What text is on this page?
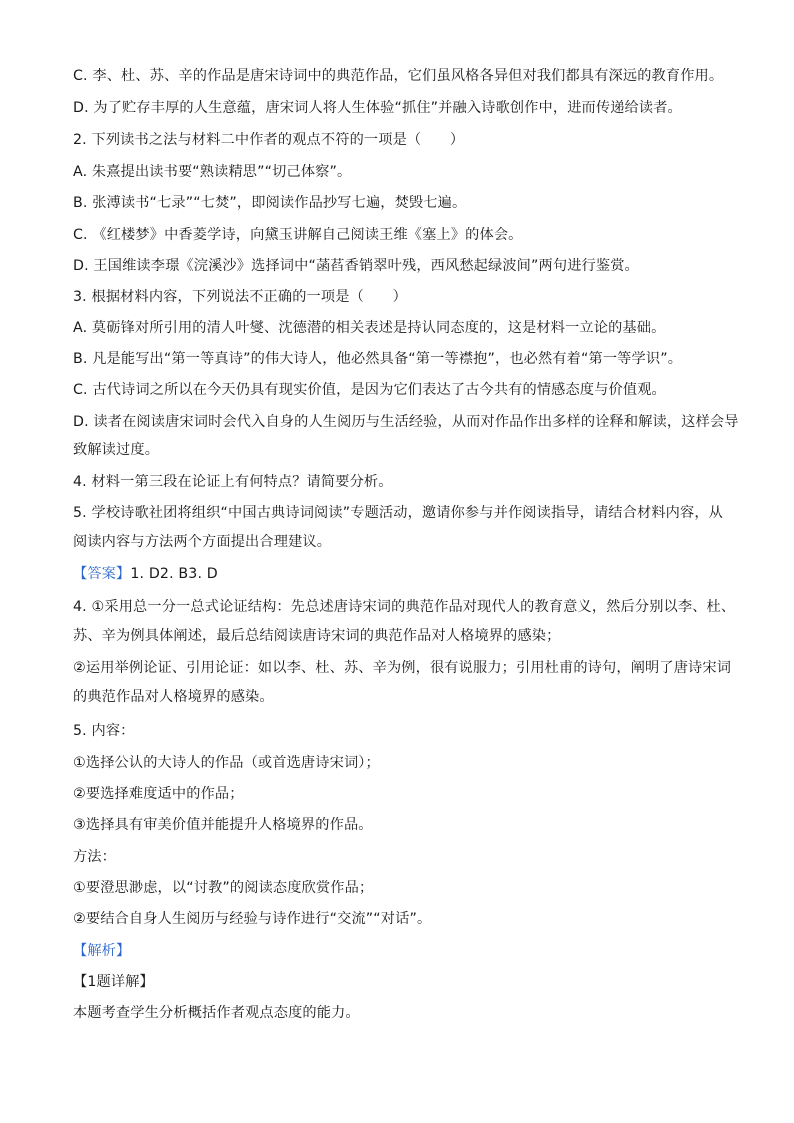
C. 李、杜、苏、辛的作品是唐宋诗词中的典范作品，它们虽风格各异但对我们都具有深远的教育作用。
D. 为了贮存丰厚的人生意蕴，唐宋词人将人生体验“抓住”并融入诗歌创作中，进而传递给读者。
2. 下列读书之法与材料二中作者的观点不符的一项是（　　）
A. 朱熹提出读书要“熟读精思”“切己体察”。
B. 张溥读书“七录”“七焚”，即阅读作品抄写七遍，焚毁七遍。
C. 《红楼梦》中香菱学诗，向黛玉讲解自己阅读王维《塞上》的体会。
D. 王国维读李璟《浣溪沙》选择词中“菡萏香销翠叶残，西风愁起绿波间”两句进行鉴赏。
3. 根据材料内容，下列说法不正确的一项是（　　）
A. 莫砺锋对所引用的清人叶燮、沈德潜的相关表述是持认同态度的，这是材料一立论的基础。
B. 凡是能写出“第一等真诗”的伟大诗人，他必然具备“第一等襟抱”，也必然有着“第一等学识”。
C. 古代诗词之所以在今天仍具有现实价值，是因为它们表达了古今共有的情感态度与价值观。
D. 读者在阅读唐宋词时会代入自身的人生阅历与生活经验，从而对作品作出多样的诠释和解读，这样会导
致解读过度。
4. 材料一第三段在论证上有何特点？请简要分析。
5. 学校诗歌社团将组织“中国古典诗词阅读”专题活动，邀请你参与并作阅读指导，请结合材料内容，从
阅读内容与方法两个方面提出合理建议。
【答案】1. D2. B3. D
4. ①采用总一分一总式论证结构：先总述唐诗宋词的典范作品对现代人的教育意义，然后分别以李、杜、
苏、辛为例具体阐述，最后总结阅读唐诗宋词的典范作品对人格境界的感染；
②运用举例论证、引用论证：如以李、杜、苏、辛为例，很有说服力；引用杜甫的诗句，阐明了唐诗宋词
的典范作品对人格境界的感染。
5. 内容：
①选择公认的大诗人的作品（或首选唐诗宋词）；
②要选择难度适中的作品；
③选择具有审美价值并能提升人格境界的作品。
方法：
①要澄思渺虑，以“讨教”的阅读态度欣赏作品；
②要结合自身人生阅历与经验与诗作进行“交流”“对话”。
【解析】
【1题详解】
本题考查学生分析概括作者观点态度的能力。
